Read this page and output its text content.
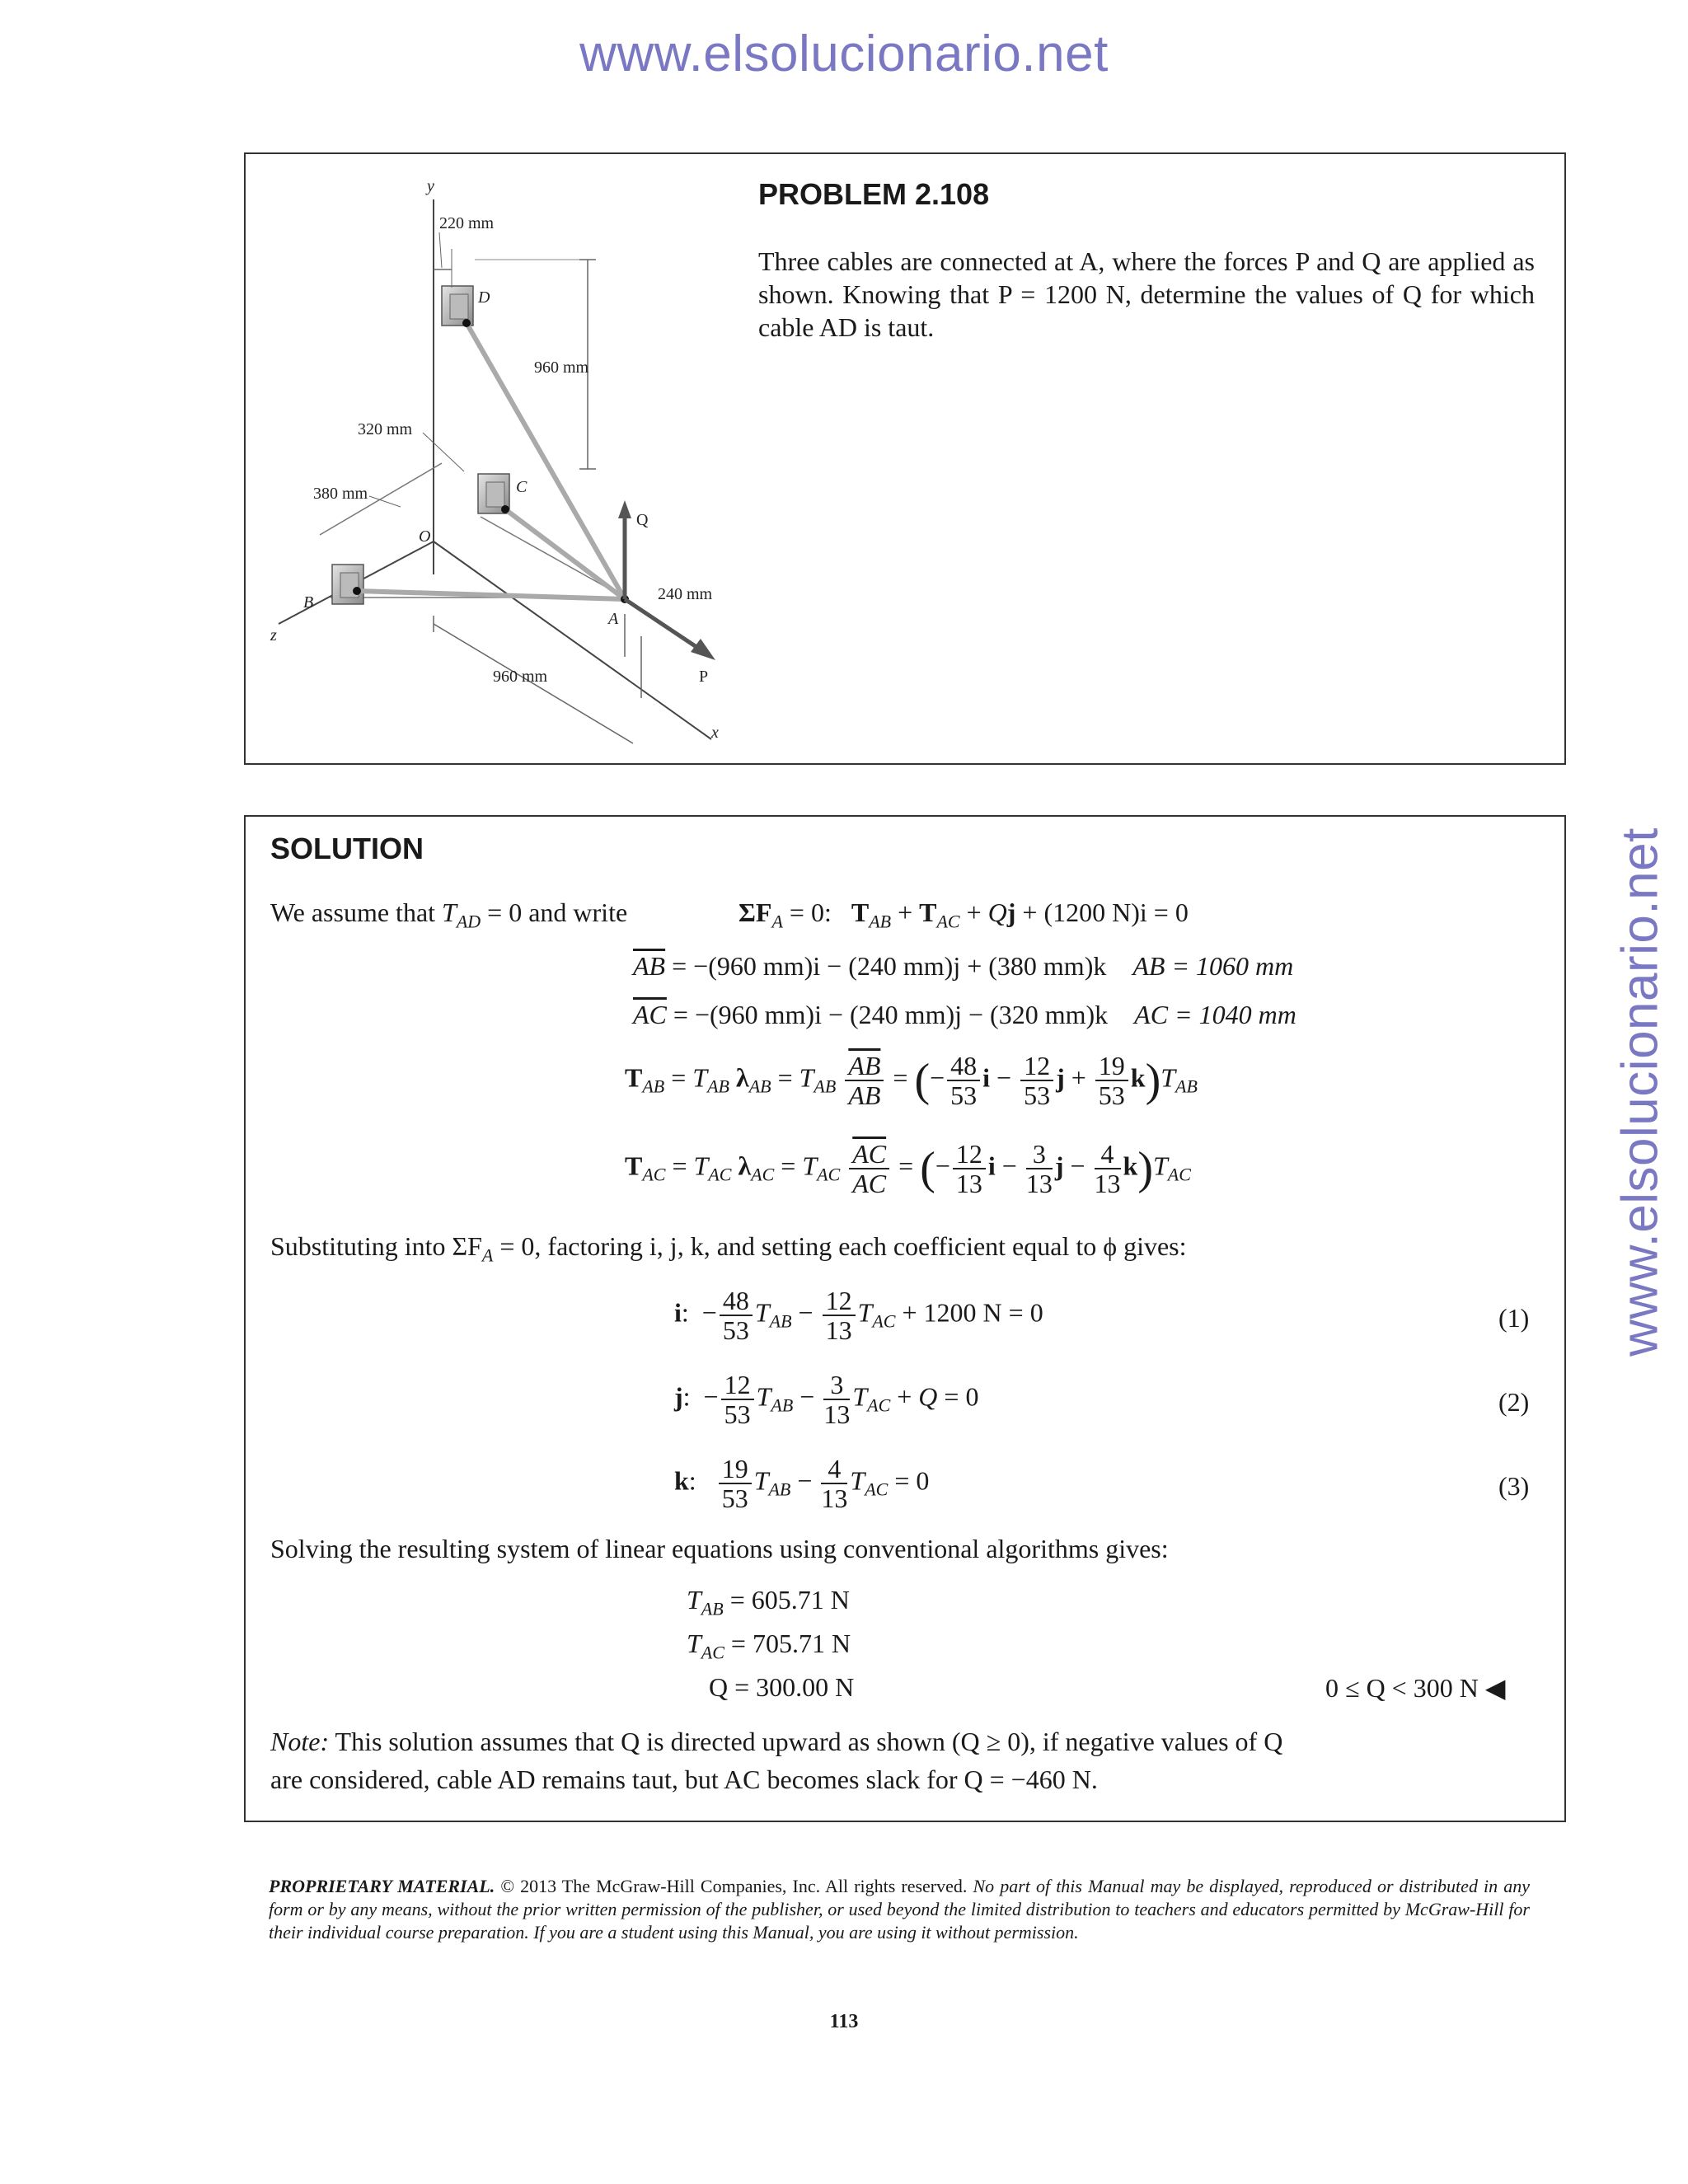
www.elsolucionario.net
www.elsolucionario.net
y
x
z
O
D
C
B
A
Q
P
960 mm
220 mm
320 mm
380 mm
240 mm
960 mm
PROBLEM 2.108
Three cables are connected at A, where the forces P and Q are applied as shown. Knowing that P = 1200 N, determine the values of Q for which cable AD is taut.
SOLUTION
We assume that $T_{AD} = 0$ and write	$\Sigma F_A = 0$: $T_{AB} + T_{AC} + Qj + (1200$ N)i = 0
$\overline{AB} = -(960$ mm)i − (240 mm)j + (380 mm)k AB = 1060 mm
$\overline{AC} = -(960$ mm)i − (240 mm)j − (320 mm)k AC = 1040 mm
$T_{AB} = T_{AB}$ $\lambda_{AB} = T_{AB} \frac{\overline{AB}}{AB}$ = (− $\frac{48}{53}$ $i - \frac{12}{53}$ $j + \frac{19}{53} k)T_{AB}$
$T_{AC} = T_{AC}$ $\lambda_{AC} = T_{AC} \frac{\overline{AC}}{AC}$ = (− $\frac{12}{13}$ $i - \frac{3}{13}$ $j - \frac{4}{13} k)T_{AC}$
Substituting into $\Sigma F_A = 0$, factoring i, j, k, and setting each coefficient equal to ϕ gives:
i:  − $\frac{48}{53} T_{AB} - \frac{12}{13} T_{AC} + 1200$ N = 0	(1)
j:  − $\frac{12}{53} T_{AB} - \frac{3}{13} T_{AC} + Q = 0$	(2)
k: $\frac{19}{53} T_{AB} - \frac{4}{13} T_{AC} = 0$	(3)
Solving the resulting system of linear equations using conventional algorithms gives:
$T_{AB} = 605.71$ N
$T_{AC} = 705.71$ N
Q = 300.00 N	0 ≤ Q < 300 N ◀
Note: This solution assumes that Q is directed upward as shown (Q ≥ 0), if negative values of Q
are considered, cable AD remains taut, but AC becomes slack for Q = −460 N.
PROPRIETARY MATERIAL. © 2013 The McGraw-Hill Companies, Inc. All rights reserved. No part of this Manual may be displayed, reproduced or distributed in any form or by any means, without the prior written permission of the publisher, or used beyond the limited distribution to teachers and educators permitted by McGraw-Hill for their individual course preparation. If you are a student using this Manual, you are using it without permission.
113
